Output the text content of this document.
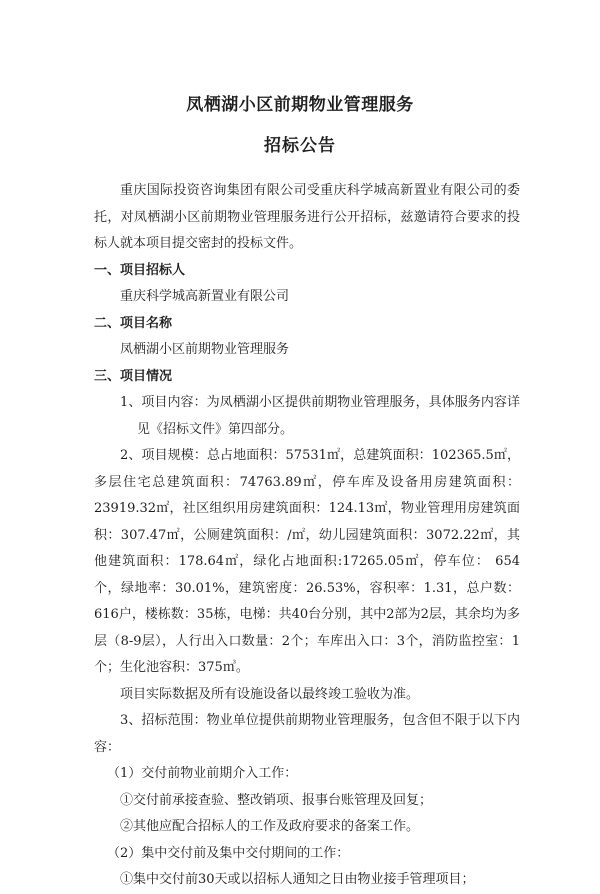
凤栖湖小区前期物业管理服务
招标公告

重庆国际投资咨询集团有限公司受重庆科学城高新置业有限公司的委托，对凤栖湖小区前期物业管理服务进行公开招标，兹邀请符合要求的投标人就本项目提交密封的投标文件。

一、项目招标人

重庆科学城高新置业有限公司

二、项目名称

凤栖湖小区前期物业管理服务

三、项目情况

1、项目内容：为凤栖湖小区提供前期物业管理服务，具体服务内容详见《招标文件》第四部分。

2、项目规模：总占地面积：57531㎡，总建筑面积：102365.5㎡，多层住宅总建筑面积：74763.89㎡，停车库及设备用房建筑面积：23919.32㎡，社区组织用房建筑面积：124.13㎡，物业管理用房建筑面积：307.47㎡，公厕建筑面积：/㎡，幼儿园建筑面积：3072.22㎡，其他建筑面积：178.64㎡，绿化占地面积:17265.05㎡，停车位： 654个，绿地率：30.01%，建筑密度：26.53%，容积率：1.31，总户数：616户，楼栋数：35栋，电梯：共40台分别，其中2部为2层，其余均为多层（8-9层），人行出入口数量：2个；车库出入口：3个，消防监控室：1个；生化池容积：375㎥。

项目实际数据及所有设施设备以最终竣工验收为准。

3、招标范围：物业单位提供前期物业管理服务，包含但不限于以下内容：

（1）交付前物业前期介入工作：

①交付前承接查验、整改销项、报事台账管理及回复；

②其他应配合招标人的工作及政府要求的备案工作。

（2）集中交付前及集中交付期间的工作：

①集中交付前30天或以招标人通知之日由物业接手管理项目；
